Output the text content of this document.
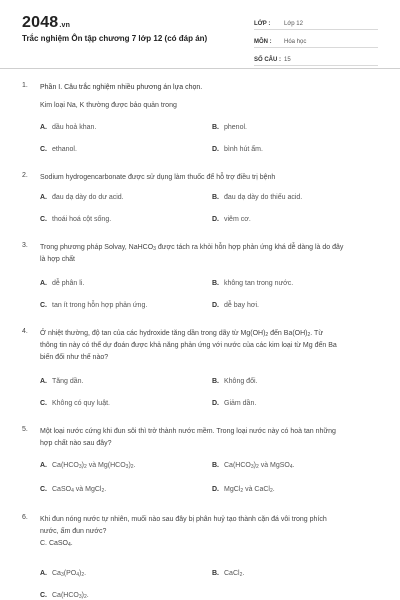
2048.vn
Trắc nghiệm Ôn tập chương 7 lớp 12 (có đáp án)
LỚP :	Lớp 12
MÔN :	Hóa học
SỐ CÂU : 15
1. Phần I. Câu trắc nghiệm nhiều phương án lựa chọn.
Kim loại Na, K thường được bảo quản trong
A. dầu hoả khan.	B. phenol.
C. ethanol.	D. bình hút ẩm.
2. Sodium hydrogencarbonate được sử dụng làm thuốc để hỗ trợ điều trị bệnh
A. đau dạ dày do dư acid.	B. đau dạ dày do thiếu acid.
C. thoái hoá cột sống.	D. viêm cơ.
3. Trong phương pháp Solvay, NaHCO$_3$ được tách ra khỏi hỗn hợp phản ứng khá dễ dàng là do đây
là hợp chất
A. dễ phân li.	B. không tan trong nước.
C. tan ít trong hỗn hợp phản ứng.	D. dễ bay hơi.
4. Ở nhiệt thường, độ tan của các hydroxide tăng dần trong dãy từ $Mg(OH)_2$ đến $Ba(OH)_2$. Từ
thông tin này có thể dự đoán được khả năng phản ứng với nước của các kim loại từ Mg đến Ba
biến đổi như thế nào?
A. Tăng dần.	B. Không đổi.
C. Không có quy luật.	D. Giảm dần.
5. Một loại nước cứng khi đun sôi thì trở thành nước mềm. Trong loại nước này có hoà tan những
hợp chất nào sau đây?
A. $Ca(HCO_3)_2$ và $Mg(HCO_3)_2$.	B. $Ca(HCO_3)_2$ và MgSO$_4$.
C. CaSO$_4$ và MgCl$_2$.	D. MgCl$_2$ và CaCl$_2$.
6. Khi đun nóng nước tự nhiên, muối nào sau đây bị phân huỷ tạo thành cặn đá vôi trong phích
nước, ấm đun nước?
C. CaSO$_4$.
A. $Ca_3(PO_4)_2$.	B. CaCl$_2$.
C. $Ca(HCO_3)_2$.
